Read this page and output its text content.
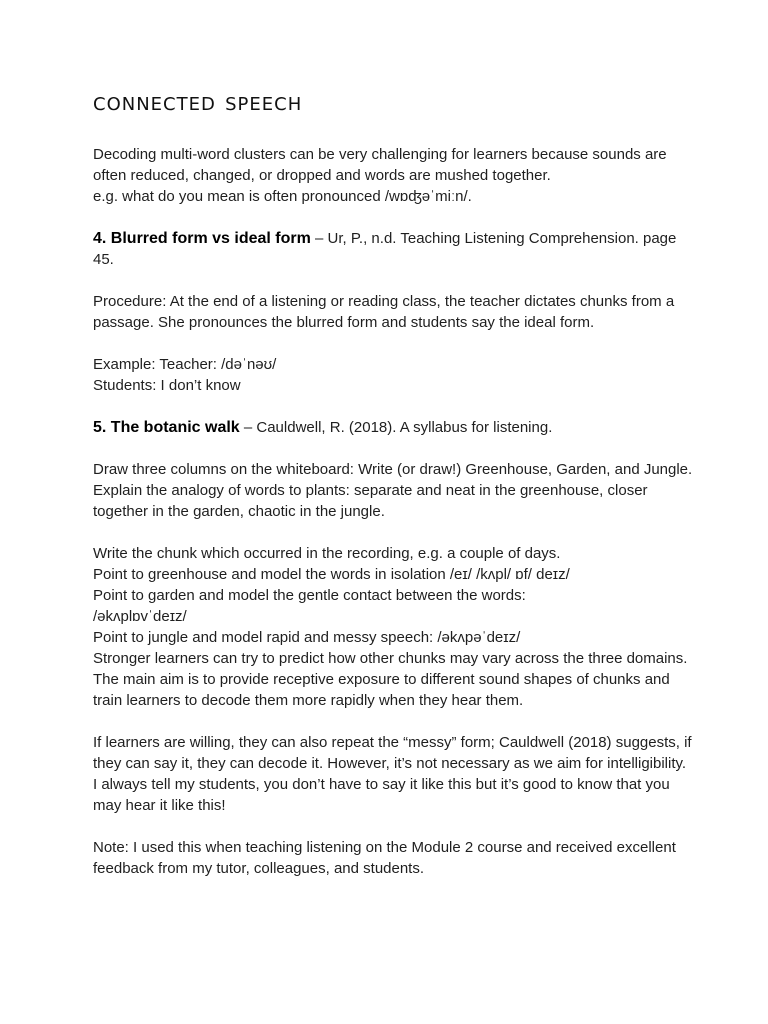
connected speech
Decoding multi-word clusters can be very challenging for learners because sounds are often reduced, changed, or dropped and words are mushed together.
e.g. what do you mean is often pronounced /wɒʤəˈmiːn/.
4. Blurred form vs ideal form – Ur, P., n.d. Teaching Listening Comprehension. page 45.
Procedure: At the end of a listening or reading class, the teacher dictates chunks from a passage. She pronounces the blurred form and students say the ideal form.
Example: Teacher: /dəˈnəʊ/
Students: I don’t know
5. The botanic walk – Cauldwell, R. (2018). A syllabus for listening.
Draw three columns on the whiteboard: Write (or draw!) Greenhouse, Garden, and Jungle. Explain the analogy of words to plants: separate and neat in the greenhouse, closer together in the garden, chaotic in the jungle.
Write the chunk which occurred in the recording, e.g. a couple of days.
Point to greenhouse and model the words in isolation /eɪ/ /kʌpl/ ɒf/ deɪz/
Point to garden and model the gentle contact between the words:
/əkʌplɒvˈdeɪz/
Point to jungle and model rapid and messy speech: /əkʌpəˈdeɪz/
Stronger learners can try to predict how other chunks may vary across the three domains.
The main aim is to provide receptive exposure to different sound shapes of chunks and train learners to decode them more rapidly when they hear them.
If learners are willing, they can also repeat the “messy” form; Cauldwell (2018) suggests, if they can say it, they can decode it. However, it’s not necessary as we aim for intelligibility. I always tell my students, you don’t have to say it like this but it’s good to know that you may hear it like this!
Note: I used this when teaching listening on the Module 2 course and received excellent feedback from my tutor, colleagues, and students.
